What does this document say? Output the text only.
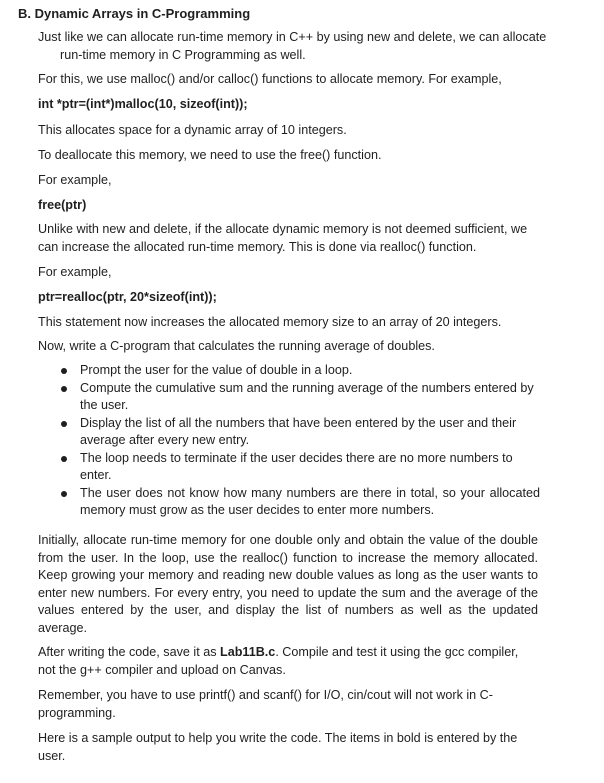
B. Dynamic Arrays in C-Programming

Just like we can allocate run-time memory in C++ by using new and delete, we can allocate run-time memory in C Programming as well.

For this, we use malloc() and/or calloc() functions to allocate memory. For example,

int *ptr=(int*)malloc(10, sizeof(int));

This allocates space for a dynamic array of 10 integers.

To deallocate this memory, we need to use the free() function.

For example,

free(ptr)

Unlike with new and delete, if the allocate dynamic memory is not deemed sufficient, we can increase the allocated run-time memory. This is done via realloc() function.

For example,

ptr=realloc(ptr, 20*sizeof(int));

This statement now increases the allocated memory size to an array of 20 integers.

Now, write a C-program that calculates the running average of doubles.

Prompt the user for the value of double in a loop.
Compute the cumulative sum and the running average of the numbers entered by the user.
Display the list of all the numbers that have been entered by the user and their average after every new entry.
The loop needs to terminate if the user decides there are no more numbers to enter.
The user does not know how many numbers are there in total, so your allocated memory must grow as the user decides to enter more numbers.

Initially, allocate run-time memory for one double only and obtain the value of the double from the user. In the loop, use the realloc() function to increase the memory allocated. Keep growing your memory and reading new double values as long as the user wants to enter new numbers. For every entry, you need to update the sum and the average of the values entered by the user, and display the list of numbers as well as the updated average.

After writing the code, save it as Lab11B.c. Compile and test it using the gcc compiler, not the g++ compiler and upload on Canvas.

Remember, you have to use printf() and scanf() for I/O, cin/cout will not work in C-programming.

Here is a sample output to help you write the code. The items in bold is entered by the user.
